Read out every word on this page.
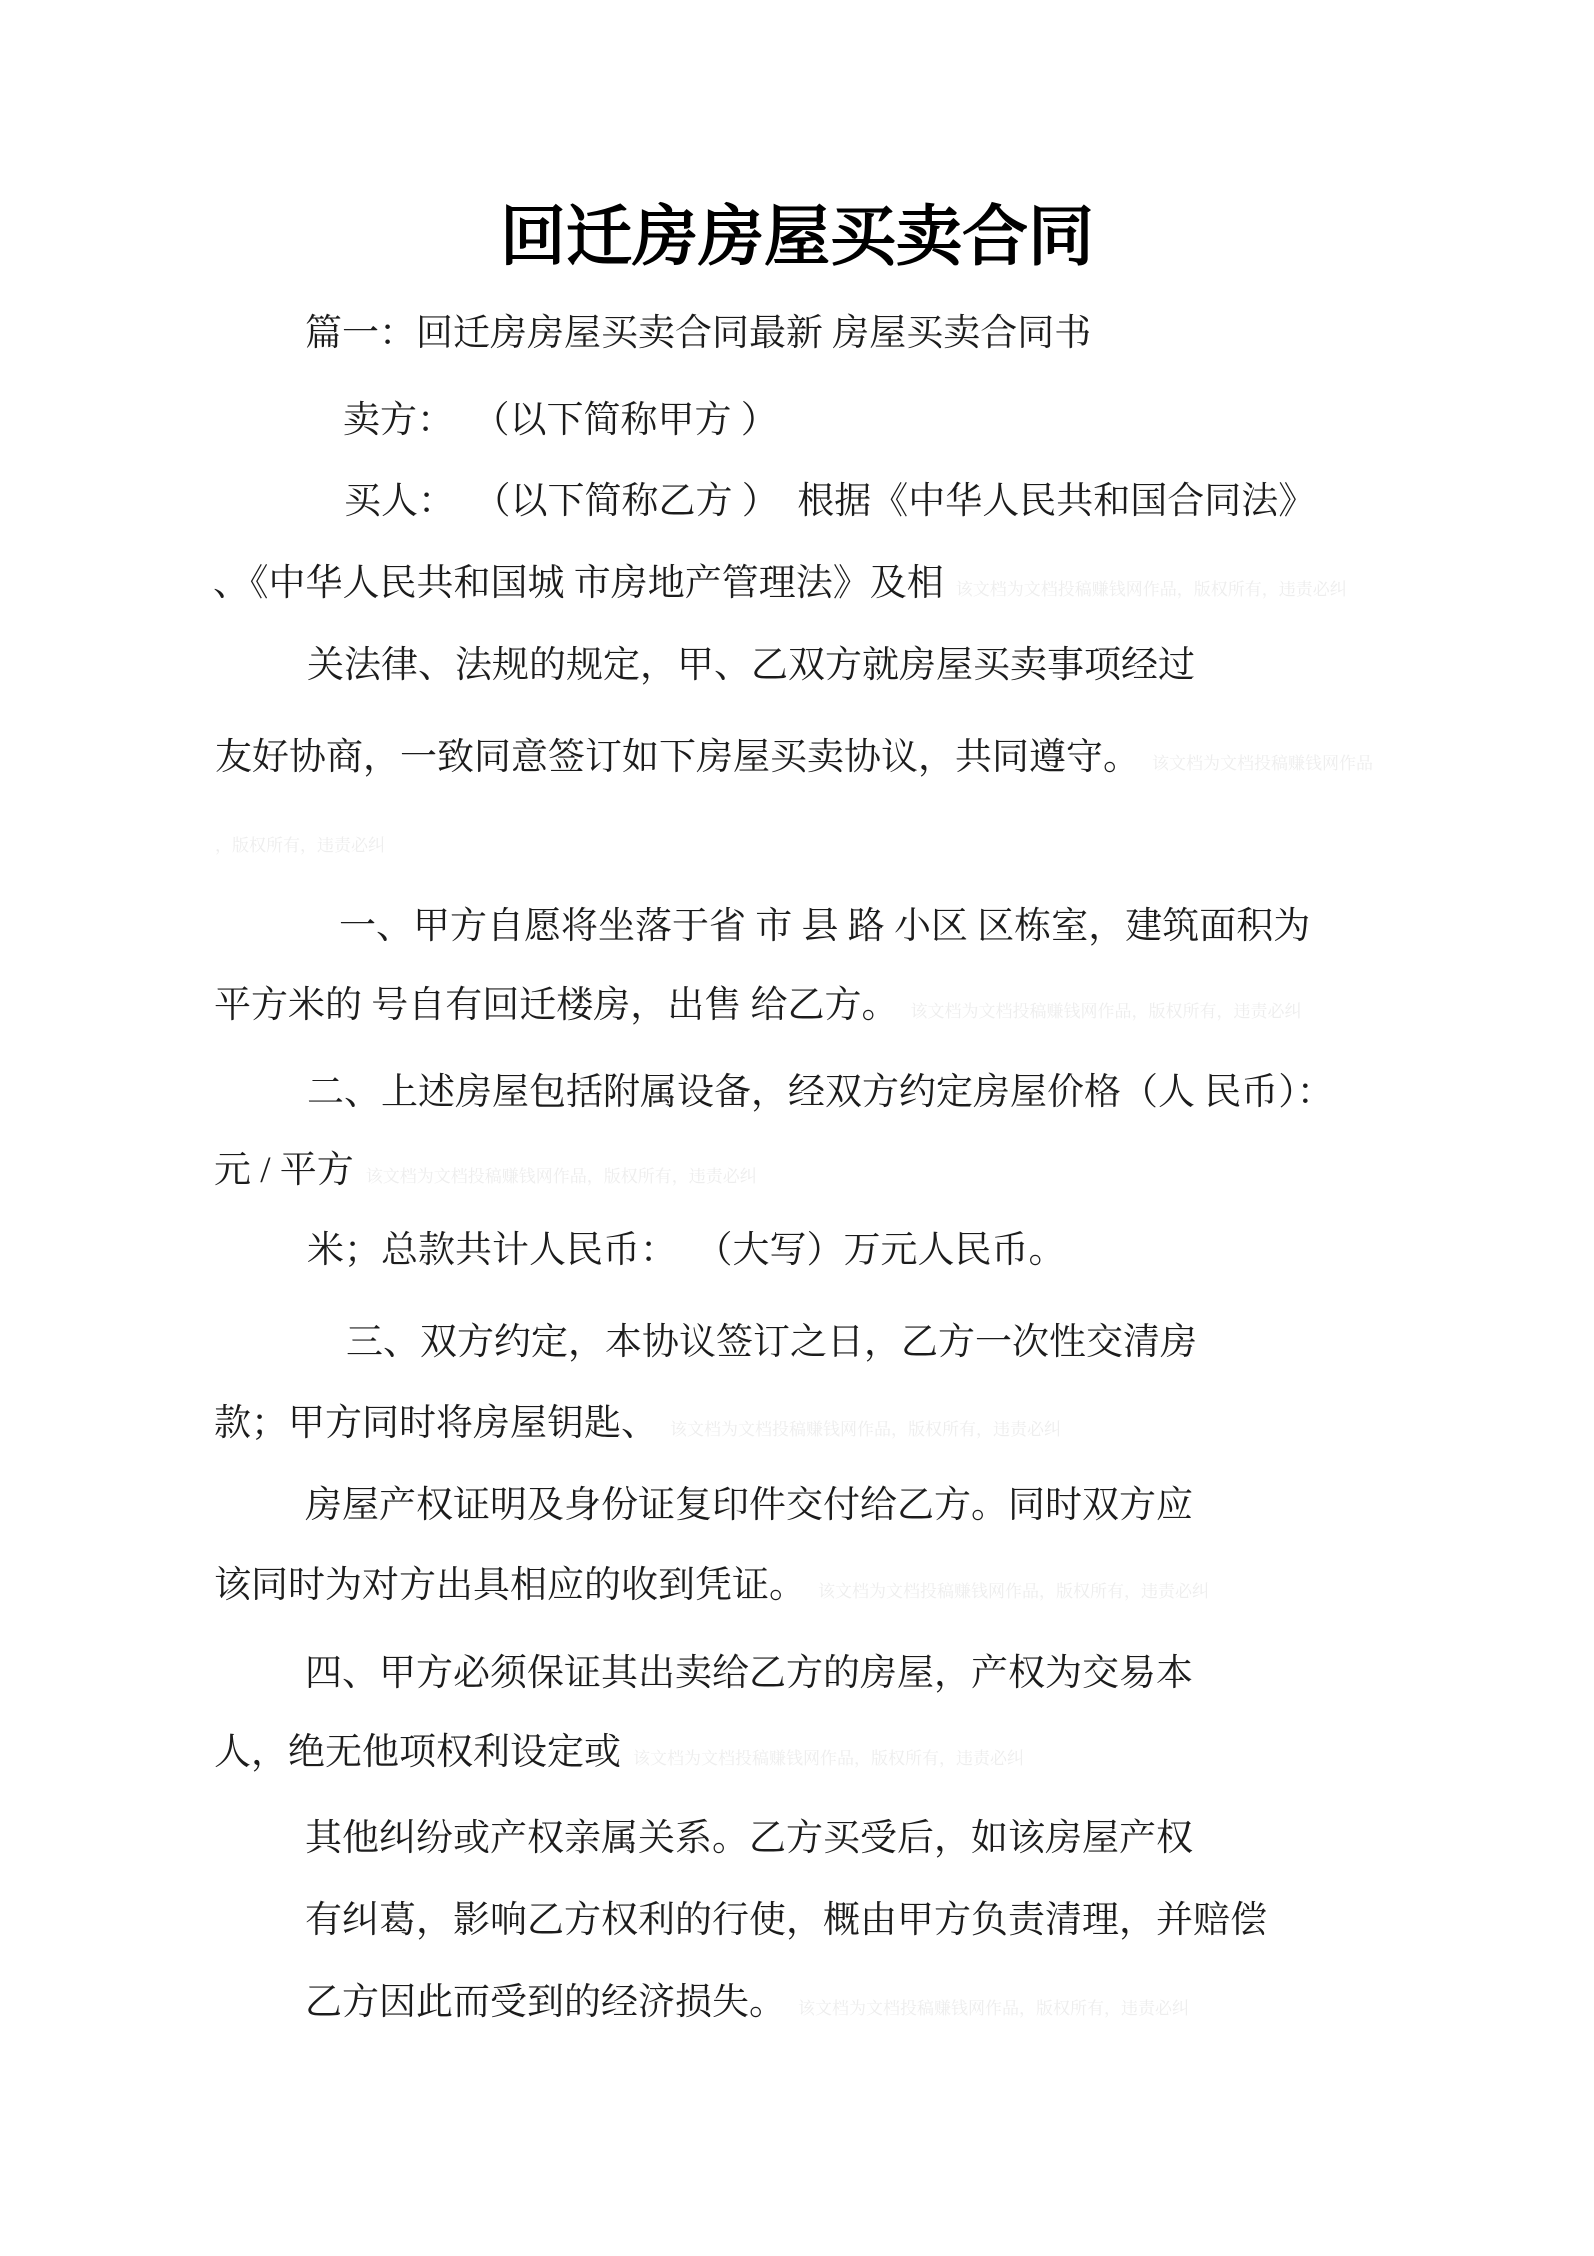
回迁房房屋买卖合同
篇一：回迁房房屋买卖合同最新 房屋买卖合同书
卖方：  （以下简称甲方 ）
买人：  （以下简称乙方 ）  根据《中华人民共和国合同法》
、《中华人民共和国城 市房地产管理法》及相 该文档为文档投稿赚钱网作品，版权所有，违责必纠
关法律、法规的规定，甲、乙双方就房屋买卖事项经过
友好协商，一致同意签订如下房屋买卖协议，共同遵守。 该文档为文档投稿赚钱网作品
，版权所有，违责必纠
一、甲方自愿将坐落于省 市 县 路 小区 区栋室，建筑面积为
平方米的 号自有回迁楼房，出售 给乙方。 该文档为文档投稿赚钱网作品，版权所有，违责必纠
二、上述房屋包括附属设备，经双方约定房屋价格（人 民币）：
元 / 平方 该文档为文档投稿赚钱网作品，版权所有，违责必纠
米；总款共计人民币：  （大写）万元人民币。
三、双方约定，本协议签订之日，乙方一次性交清房
款；甲方同时将房屋钥匙、 该文档为文档投稿赚钱网作品，版权所有，违责必纠
房屋产权证明及身份证复印件交付给乙方。同时双方应
该同时为对方出具相应的收到凭证。 该文档为文档投稿赚钱网作品，版权所有，违责必纠
四、甲方必须保证其出卖给乙方的房屋，产权为交易本
人，绝无他项权利设定或 该文档为文档投稿赚钱网作品，版权所有，违责必纠
其他纠纷或产权亲属关系。乙方买受后，如该房屋产权
有纠葛，影响乙方权利的行使，概由甲方负责清理，并赔偿
乙方因此而受到的经济损失。 该文档为文档投稿赚钱网作品，版权所有，违责必纠
